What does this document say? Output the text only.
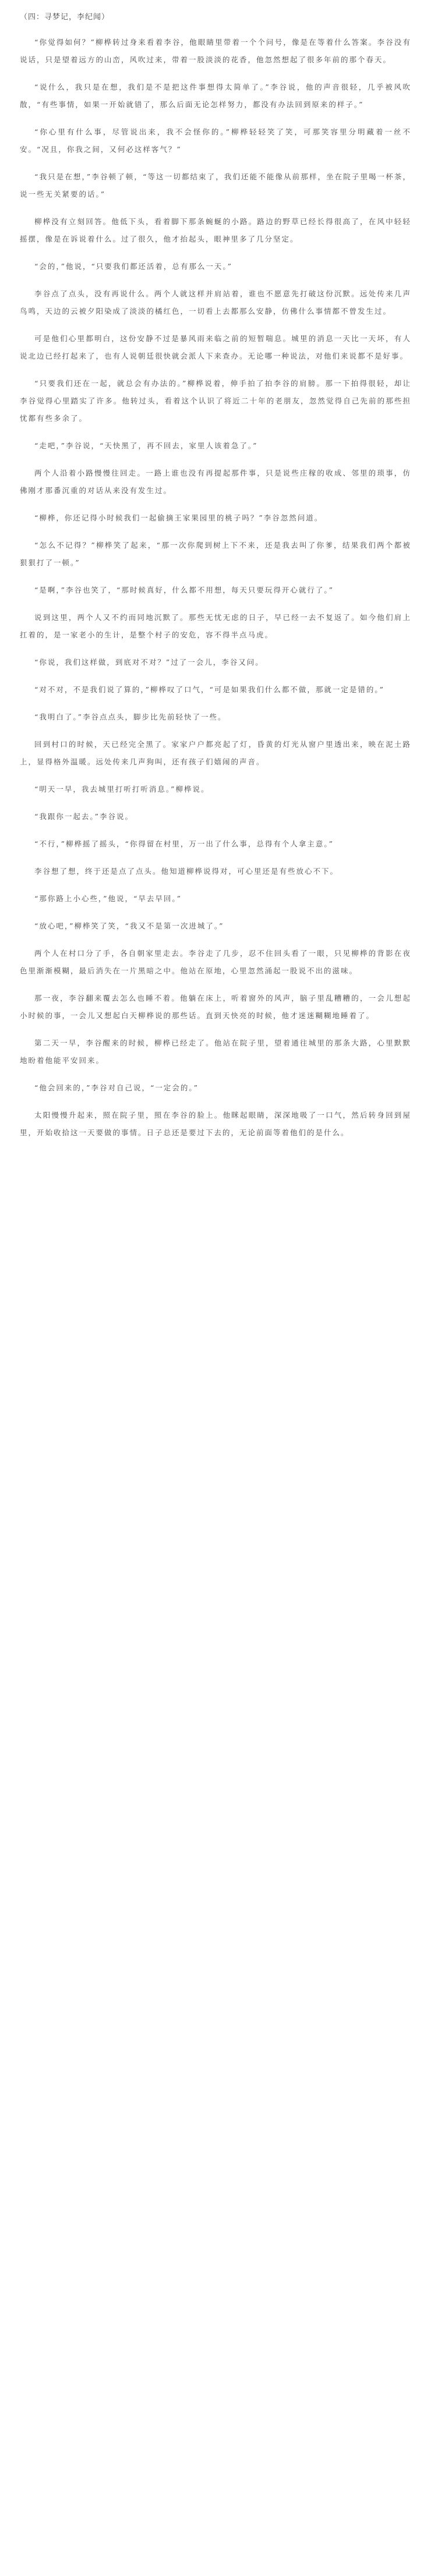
（四：寻梦记，李纪闻）

“你觉得如何？”柳桦转过身来看着李谷，他眼睛里带着一个个问号，像是在等着什么答案。李谷没有说话，只是望着远方的山峦，风吹过来，带着一股淡淡的花香，他忽然想起了很多年前的那个春天。

“说什么，我只是在想，我们是不是把这件事想得太简单了。”李谷说，他的声音很轻，几乎被风吹散，“有些事情，如果一开始就错了，那么后面无论怎样努力，都没有办法回到原来的样子。”

“你心里有什么事，尽管说出来，我不会怪你的。”柳桦轻轻笑了笑，可那笑容里分明藏着一丝不安。“况且，你我之间，又何必这样客气？”

“我只是在想，”李谷顿了顿，“等这一切都结束了，我们还能不能像从前那样，坐在院子里喝一杯茶，说一些无关紧要的话。”

柳桦没有立刻回答。他低下头，看着脚下那条蜿蜒的小路。路边的野草已经长得很高了，在风中轻轻摇摆，像是在诉说着什么。过了很久，他才抬起头，眼神里多了几分坚定。

“会的，”他说，“只要我们都还活着，总有那么一天。”

李谷点了点头，没有再说什么。两个人就这样并肩站着，谁也不愿意先打破这份沉默。远处传来几声鸟鸣，天边的云被夕阳染成了淡淡的橘红色，一切看上去都那么安静，仿佛什么事情都不曾发生过。

可是他们心里都明白，这份安静不过是暴风雨来临之前的短暂喘息。城里的消息一天比一天坏，有人说北边已经打起来了，也有人说朝廷很快就会派人下来查办。无论哪一种说法，对他们来说都不是好事。

“只要我们还在一起，就总会有办法的。”柳桦说着，伸手拍了拍李谷的肩膀。那一下拍得很轻，却让李谷觉得心里踏实了许多。他转过头，看着这个认识了将近二十年的老朋友，忽然觉得自己先前的那些担忧都有些多余了。

“走吧，”李谷说，“天快黑了，再不回去，家里人该着急了。”

两个人沿着小路慢慢往回走。一路上谁也没有再提起那件事，只是说些庄稼的收成、邻里的琐事，仿佛刚才那番沉重的对话从来没有发生过。

“柳桦，你还记得小时候我们一起偷摘王家果园里的桃子吗？”李谷忽然问道。

“怎么不记得？”柳桦笑了起来，“那一次你爬到树上下不来，还是我去叫了你爹，结果我们两个都被狠狠打了一顿。”

“是啊，”李谷也笑了，“那时候真好，什么都不用想，每天只要玩得开心就行了。”

说到这里，两个人又不约而同地沉默了。那些无忧无虑的日子，早已经一去不复返了。如今他们肩上扛着的，是一家老小的生计，是整个村子的安危，容不得半点马虎。

“你说，我们这样做，到底对不对？”过了一会儿，李谷又问。

“对不对，不是我们说了算的，”柳桦叹了口气，“可是如果我们什么都不做，那就一定是错的。”

“我明白了。”李谷点点头，脚步比先前轻快了一些。

回到村口的时候，天已经完全黑了。家家户户都亮起了灯，昏黄的灯光从窗户里透出来，映在泥土路上，显得格外温暖。远处传来几声狗叫，还有孩子们嬉闹的声音。

“明天一早，我去城里打听打听消息。”柳桦说。

“我跟你一起去。”李谷说。

“不行，”柳桦摇了摇头，“你得留在村里，万一出了什么事，总得有个人拿主意。”

李谷想了想，终于还是点了点头。他知道柳桦说得对，可心里还是有些放心不下。

“那你路上小心些，”他说，“早去早回。”

“放心吧，”柳桦笑了笑，“我又不是第一次进城了。”

两个人在村口分了手，各自朝家里走去。李谷走了几步，忍不住回头看了一眼，只见柳桦的背影在夜色里渐渐模糊，最后消失在一片黑暗之中。他站在原地，心里忽然涌起一股说不出的滋味。

那一夜，李谷翻来覆去怎么也睡不着。他躺在床上，听着窗外的风声，脑子里乱糟糟的，一会儿想起小时候的事，一会儿又想起白天柳桦说的那些话。直到天快亮的时候，他才迷迷糊糊地睡着了。

第二天一早，李谷醒来的时候，柳桦已经走了。他站在院子里，望着通往城里的那条大路，心里默默地盼着他能平安回来。

“他会回来的，”李谷对自己说，“一定会的。”

太阳慢慢升起来，照在院子里，照在李谷的脸上。他眯起眼睛，深深地吸了一口气，然后转身回到屋里，开始收拾这一天要做的事情。日子总还是要过下去的，无论前面等着他们的是什么。
